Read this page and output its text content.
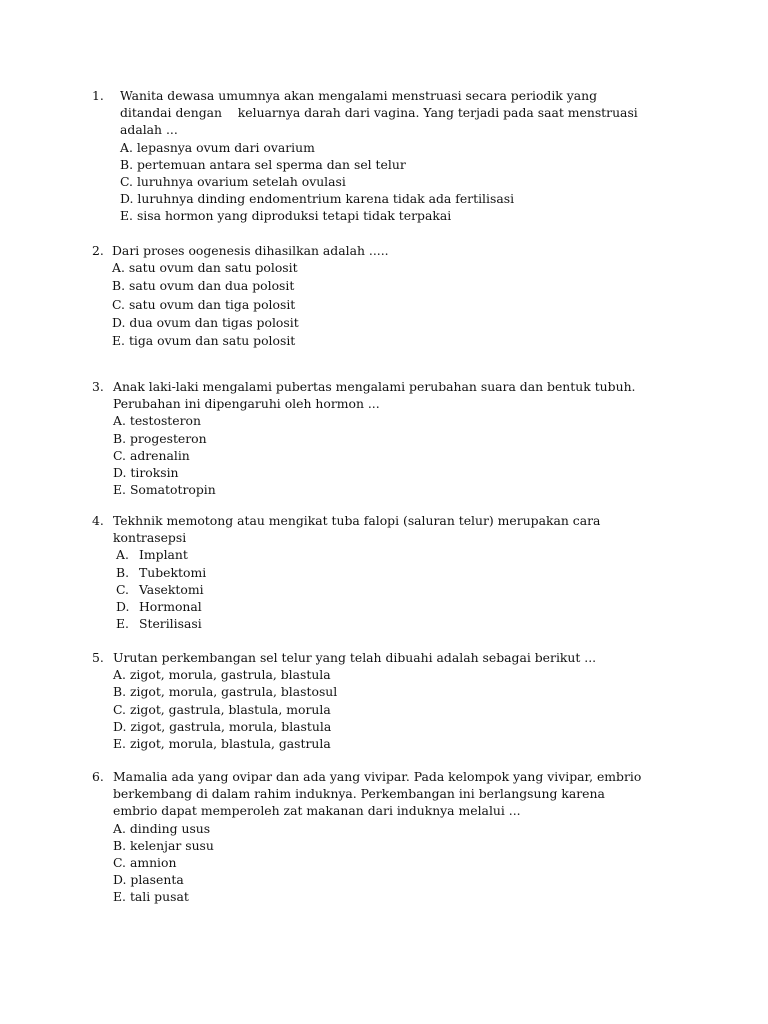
1. Wanita dewasa umumnya akan mengalami menstruasi secara periodik yang
ditandai dengan    keluarnya darah dari vagina. Yang terjadi pada saat menstruasi
adalah ...
A. lepasnya ovum dari ovarium
B. pertemuan antara sel sperma dan sel telur
C. luruhnya ovarium setelah ovulasi
D. luruhnya dinding endomentrium karena tidak ada fertilisasi
E. sisa hormon yang diproduksi tetapi tidak terpakai
2. Dari proses oogenesis dihasilkan adalah .....
A. satu ovum dan satu polosit
B. satu ovum dan dua polosit
C. satu ovum dan tiga polosit
D. dua ovum dan tigas polosit
E. tiga ovum dan satu polosit
3. Anak laki-laki mengalami pubertas mengalami perubahan suara dan bentuk tubuh.
Perubahan ini dipengaruhi oleh hormon ...
A. testosteron
B. progesteron
C. adrenalin
D. tiroksin
E. Somatotropin
4. Tekhnik memotong atau mengikat tuba falopi (saluran telur) merupakan cara
kontrasepsi
A. Implant
B. Tubektomi
C. Vasektomi
D. Hormonal
E. Sterilisasi
5. Urutan perkembangan sel telur yang telah dibuahi adalah sebagai berikut ...
A. zigot, morula, gastrula, blastula
B. zigot, morula, gastrula, blastosul
C. zigot, gastrula, blastula, morula
D. zigot, gastrula, morula, blastula
E. zigot, morula, blastula, gastrula
6. Mamalia ada yang ovipar dan ada yang vivipar. Pada kelompok yang vivipar, embrio
berkembang di dalam rahim induknya. Perkembangan ini berlangsung karena
embrio dapat memperoleh zat makanan dari induknya melalui ...
A. dinding usus
B. kelenjar susu
C. amnion
D. plasenta
E. tali pusat
